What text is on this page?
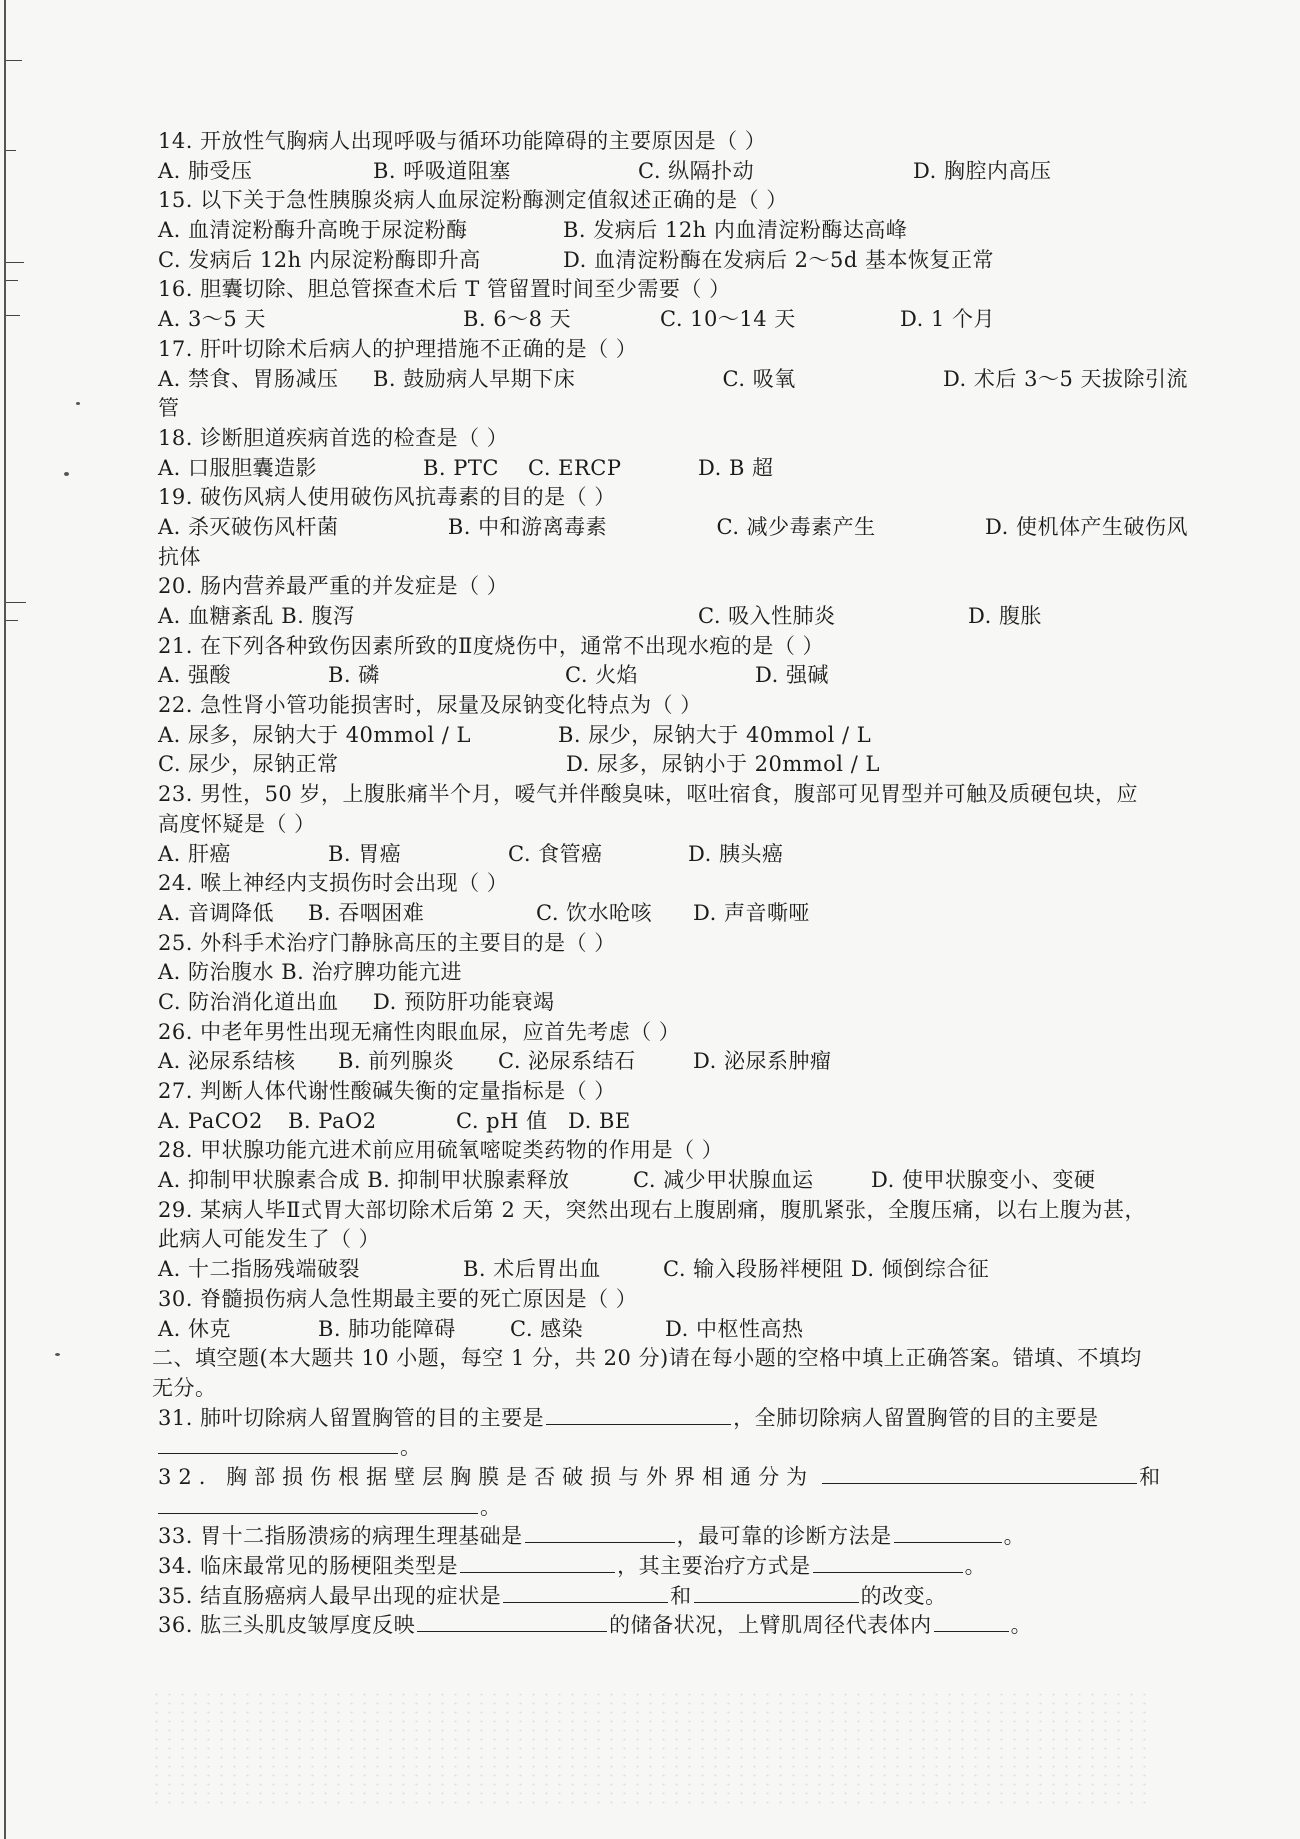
14. 开放性气胸病人出现呼吸与循环功能障碍的主要原因是（ ）
A. 肺受压	B. 呼吸道阻塞	C. 纵隔扑动	D. 胸腔内高压
15. 以下关于急性胰腺炎病人血尿淀粉酶测定值叙述正确的是（ ）
A. 血清淀粉酶升高晚于尿淀粉酶	B. 发病后 12h 内血清淀粉酶达高峰
C. 发病后 12h 内尿淀粉酶即升高	D. 血清淀粉酶在发病后 2～5d 基本恢复正常
16. 胆囊切除、胆总管探查术后 T 管留置时间至少需要（ ）
A. 3～5 天	B. 6～8 天	C. 10～14 天	D. 1 个月
17. 肝叶切除术后病人的护理措施不正确的是（ ）
A. 禁食、胃肠减压 B. 鼓励病人早期下床	C. 吸氧	D. 术后 3～5 天拔除引流
管
18. 诊断胆道疾病首选的检查是（ ）
A. 口服胆囊造影	B. PTC C. ERCP	D. B 超
19. 破伤风病人使用破伤风抗毒素的目的是（ ）
A. 杀灭破伤风杆菌	B. 中和游离毒素	C. 减少毒素产生	D. 使机体产生破伤风
抗体
20. 肠内营养最严重的并发症是（ ）
A. 血糖紊乱 B. 腹泻	C. 吸入性肺炎	D. 腹胀
21. 在下列各种致伤因素所致的Ⅱ度烧伤中，通常不出现水疱的是（ ）
A. 强酸	B. 磷	C. 火焰	D. 强碱
22. 急性肾小管功能损害时，尿量及尿钠变化特点为（ ）
A. 尿多，尿钠大于 40mmol / L	B. 尿少，尿钠大于 40mmol / L
C. 尿少，尿钠正常	D. 尿多，尿钠小于 20mmol / L
23. 男性，50 岁，上腹胀痛半个月，嗳气并伴酸臭味，呕吐宿食，腹部可见胃型并可触及质硬包块，应
高度怀疑是（ ）
A. 肝癌	B. 胃癌	C. 食管癌	D. 胰头癌
24. 喉上神经内支损伤时会出现（ ）
A. 音调降低 B. 吞咽困难	C. 饮水呛咳 D. 声音嘶哑
25. 外科手术治疗门静脉高压的主要目的是（ ）
A. 防治腹水 B. 治疗脾功能亢进
C. 防治消化道出血 D. 预防肝功能衰竭
26. 中老年男性出现无痛性肉眼血尿，应首先考虑（ ）
A. 泌尿系结核 B. 前列腺炎 C. 泌尿系结石	D. 泌尿系肿瘤
27. 判断人体代谢性酸碱失衡的定量指标是（ ）
A. PaCO2 B. PaO2	C. pH 值 D. BE
28. 甲状腺功能亢进术前应用硫氧嘧啶类药物的作用是（ ）
A. 抑制甲状腺素合成 B. 抑制甲状腺素释放	C. 减少甲状腺血运	D. 使甲状腺变小、变硬
29. 某病人毕Ⅱ式胃大部切除术后第 2 天，突然出现右上腹剧痛，腹肌紧张，全腹压痛，以右上腹为甚，
此病人可能发生了（ ）
A. 十二指肠残端破裂	B. 术后胃出血	C. 输入段肠袢梗阻 D. 倾倒综合征
30. 脊髓损伤病人急性期最主要的死亡原因是（ ）
A. 休克	B. 肺功能障碍	C. 感染	D. 中枢性高热
二、填空题(本大题共 10 小题，每空 1 分，共 20 分)请在每小题的空格中填上正确答案。错填、不填均
无分。
31. 肺叶切除病人留置胸管的目的主要是	，全肺切除病人留置胸管的目的主要是
。
32. 胸部损伤根据壁层胸膜是否破损与外界相通分为	和
。
33. 胃十二指肠溃疡的病理生理基础是	，最可靠的诊断方法是	。
34. 临床最常见的肠梗阻类型是	，其主要治疗方式是	。
35. 结直肠癌病人最早出现的症状是	和	的改变。
36. 肱三头肌皮皱厚度反映	的储备状况，上臂肌周径代表体内	。
